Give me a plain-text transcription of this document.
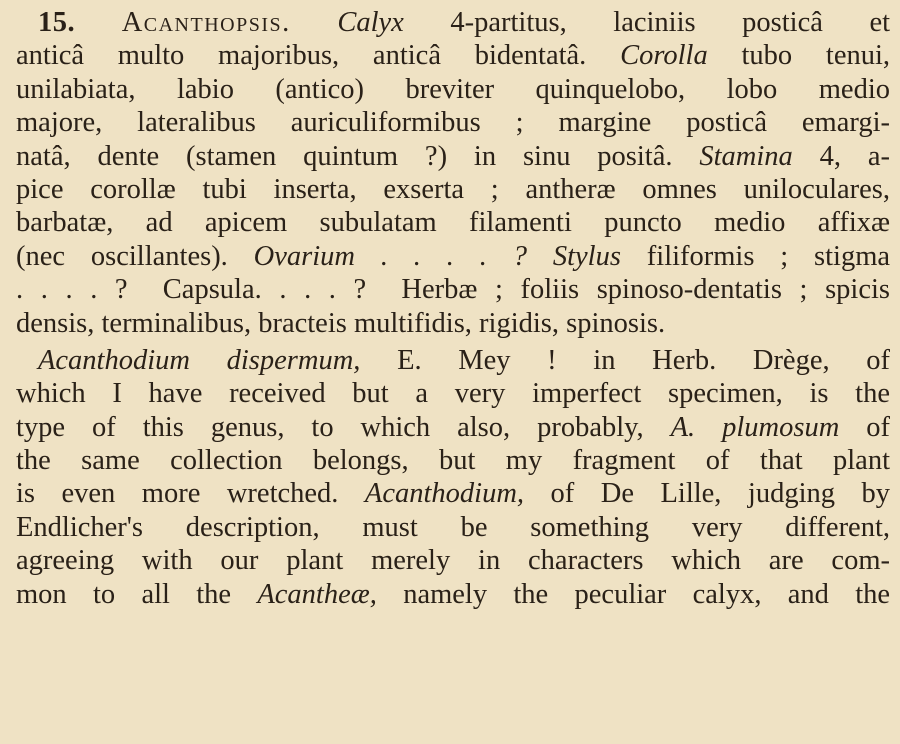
15. Acanthopsis. Calyx 4-partitus, laciniis posticâ et
anticâ multo majoribus, anticâ bidentatâ. Corolla tubo tenui,
unilabiata, labio (antico) breviter quinquelobo, lobo medio
majore, lateralibus auriculiformibus ; margine posticâ emargi-
natâ, dente (stamen quintum ?) in sinu positâ. Stamina 4, a-
pice corollæ tubi inserta, exserta ; antheræ omnes uniloculares,
barbatæ, ad apicem subulatam filamenti puncto medio affixæ
(nec oscillantes). Ovarium . . . . ? Stylus filiformis ; stigma
. . . . ?  Capsula. . . . ?  Herbæ ; foliis spinoso-dentatis ; spicis
densis, terminalibus, bracteis multifidis, rigidis, spinosis.
Acanthodium dispermum, E. Mey ! in Herb. Drège, of
which I have received but a very imperfect specimen, is the
type of this genus, to which also, probably, A. plumosum of
the same collection belongs, but my fragment of that plant
is even more wretched. Acanthodium, of De Lille, judging by
Endlicher's description, must be something very different,
agreeing with our plant merely in characters which are com-
mon to all the Acantheæ, namely the peculiar calyx, and the
